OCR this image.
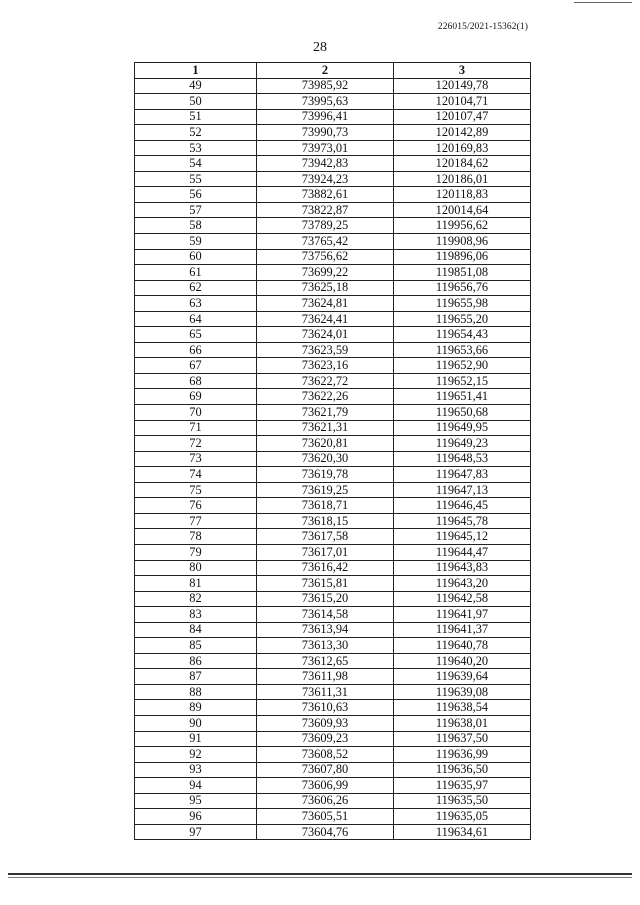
226015/2021-15362(1)
28
1	2	3
49	73985,92	120149,78
50	73995,63	120104,71
51	73996,41	120107,47
52	73990,73	120142,89
53	73973,01	120169,83
54	73942,83	120184,62
55	73924,23	120186,01
56	73882,61	120118,83
57	73822,87	120014,64
58	73789,25	119956,62
59	73765,42	119908,96
60	73756,62	119896,06
61	73699,22	119851,08
62	73625,18	119656,76
63	73624,81	119655,98
64	73624,41	119655,20
65	73624,01	119654,43
66	73623,59	119653,66
67	73623,16	119652,90
68	73622,72	119652,15
69	73622,26	119651,41
70	73621,79	119650,68
71	73621,31	119649,95
72	73620,81	119649,23
73	73620,30	119648,53
74	73619,78	119647,83
75	73619,25	119647,13
76	73618,71	119646,45
77	73618,15	119645,78
78	73617,58	119645,12
79	73617,01	119644,47
80	73616,42	119643,83
81	73615,81	119643,20
82	73615,20	119642,58
83	73614,58	119641,97
84	73613,94	119641,37
85	73613,30	119640,78
86	73612,65	119640,20
87	73611,98	119639,64
88	73611,31	119639,08
89	73610,63	119638,54
90	73609,93	119638,01
91	73609,23	119637,50
92	73608,52	119636,99
93	73607,80	119636,50
94	73606,99	119635,97
95	73606,26	119635,50
96	73605,51	119635,05
97	73604,76	119634,61
